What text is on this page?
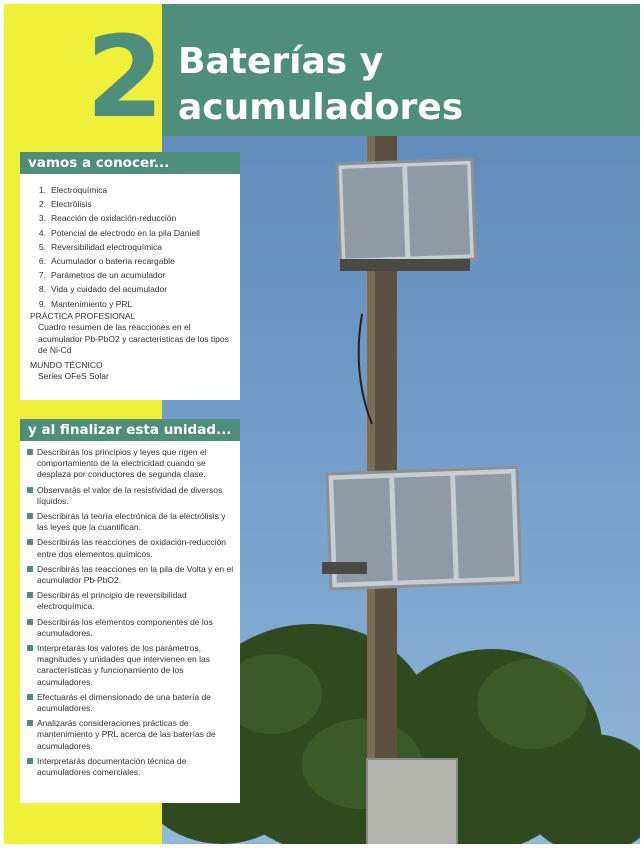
2 Baterías y
acumuladores
vamos a conocer...
1. Electroquímica
2. Electrólisis
3. Reacción de oxidación-reducción
4. Potencial de electrodo en la pila Daniell
5. Reversibilidad electroquímica
6. Acumulador o batería recargable
7. Parámetros de un acumulador
8. Vida y cuidado del acumulador
9. Mantenimiento y PRL
PRÁCTICA PROFESIONAL
Cuadro resumen de las reacciones en el acumulador Pb-PbO2 y características de los tipos de Ni-Cd
MUNDO TÉCNICO
Series OFeS Solar
y al finalizar esta unidad...
Describirás los principios y leyes que rigen el comportamiento de la electricidad cuando se desplaza por conductores de segunda clase.
Observarás el valor de la resistividad de diversos líquidos.
Describirás la teoría electrónica de la electrólisis y las leyes que la cuantifican.
Describirás las reacciones de oxidación-reducción entre dos elementos químicos.
Describirás las reacciones en la pila de Volta y en el acumulador Pb-PbO2.
Describirás el principio de reversibilidad electroquímica.
Describirás los elementos componentes de los acumuladores.
Interpretarás los valores de los parámetros, magnitudes y unidades que intervienen en las características y funcionamiento de los acumuladores.
Efectuarás el dimensionado de una batería de acumuladores.
Analizarás consideraciones prácticas de mantenimiento y PRL acerca de las baterías de acumuladores.
Interpretarás documentación técnica de acumuladores comerciales.
